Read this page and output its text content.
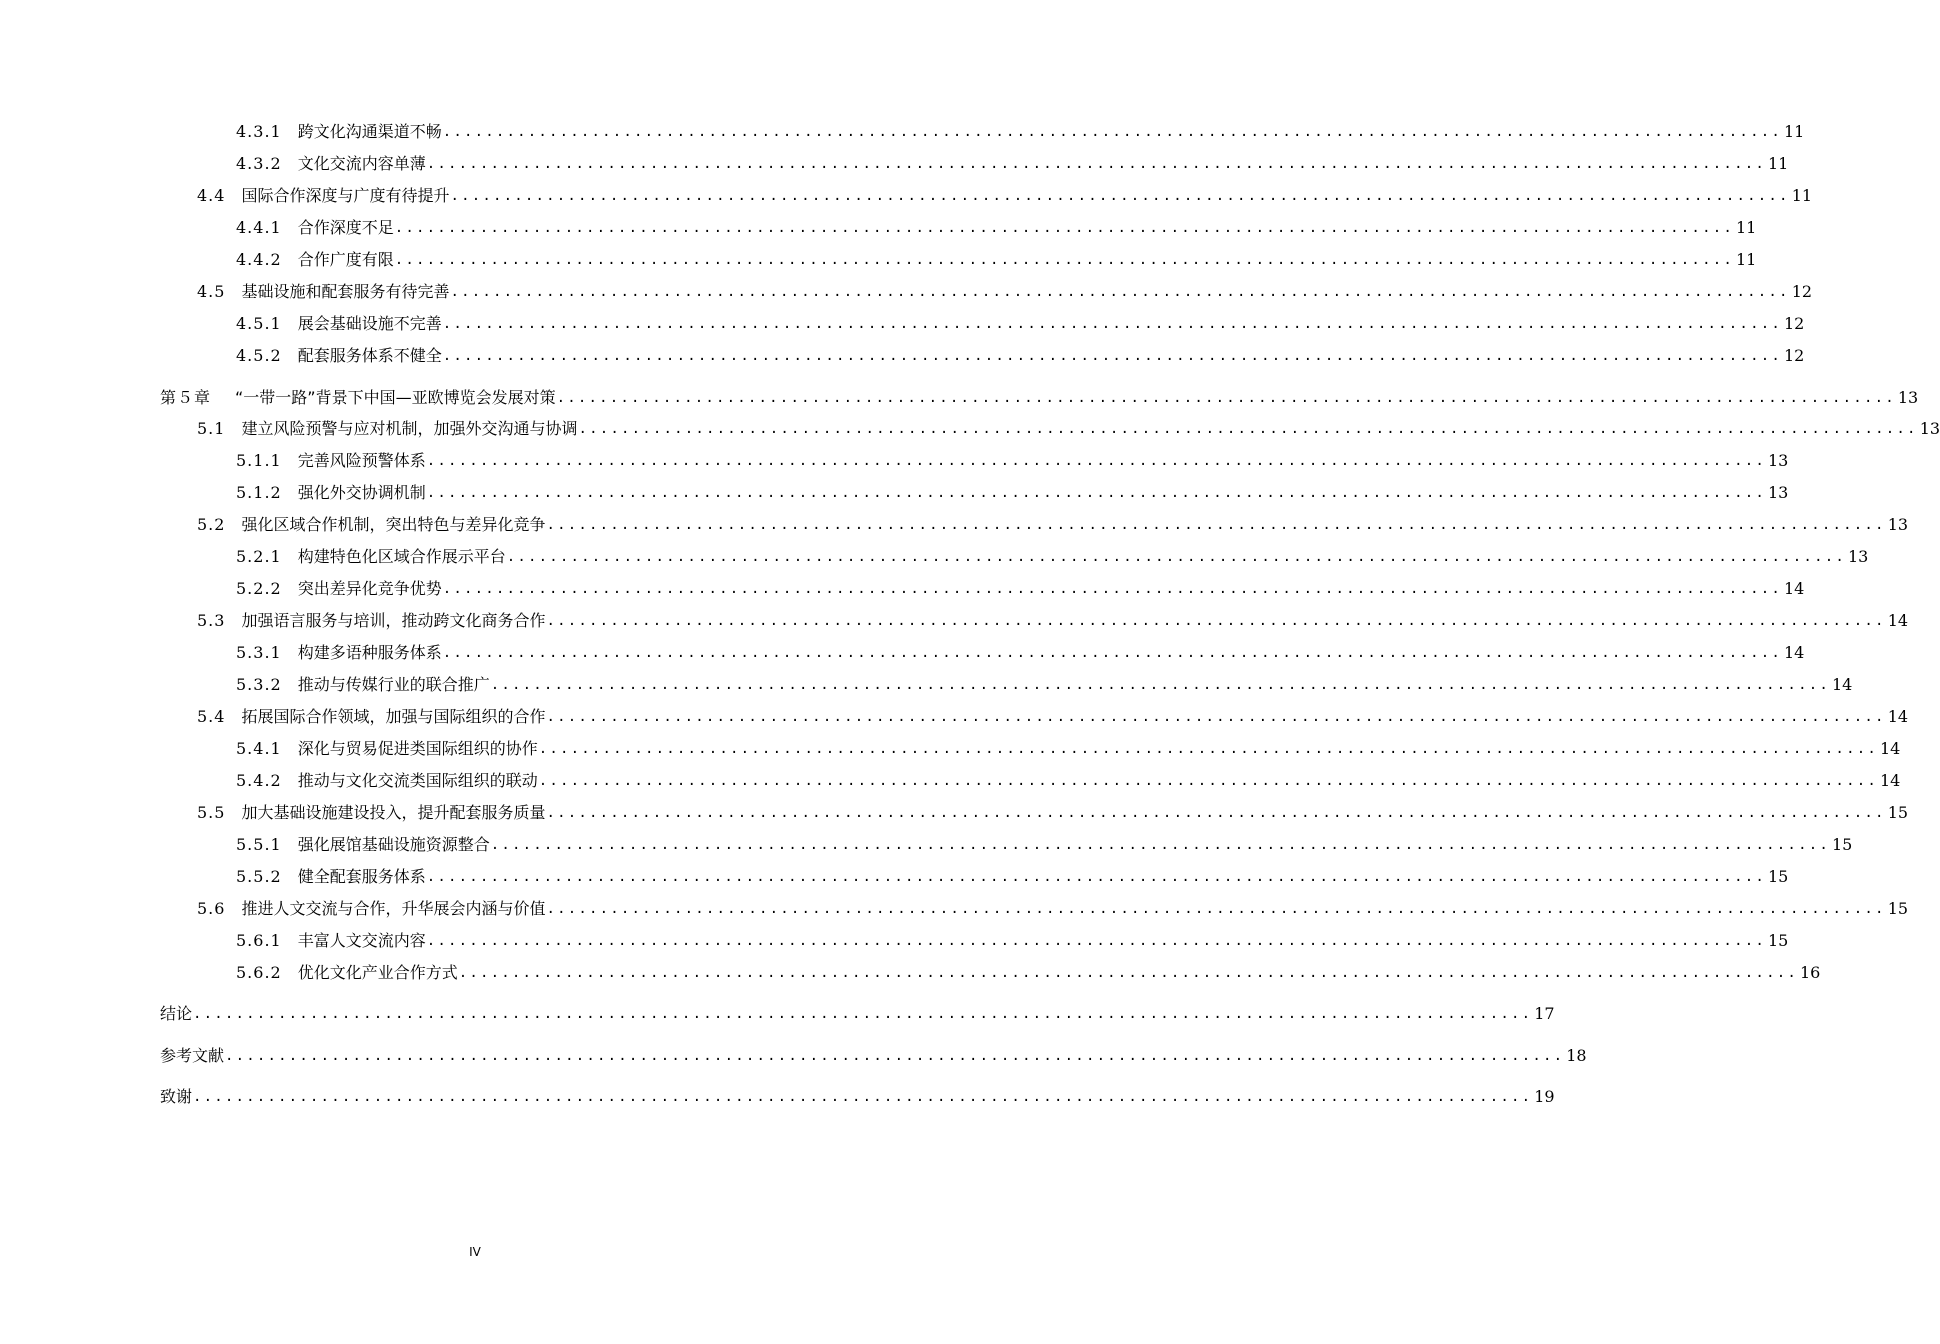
4.3.1 跨文化沟通渠道不畅 .............................................................................................................................. 11
4.3.2 文化交流内容单薄 .............................................................................................................................. 11
4.4 国际合作深度与广度有待提升 .............................................................................................................................. 11
4.4.1 合作深度不足 .............................................................................................................................. 11
4.4.2 合作广度有限 .............................................................................................................................. 11
4.5 基础设施和配套服务有待完善 .............................................................................................................................. 12
4.5.1 展会基础设施不完善 .............................................................................................................................. 12
4.5.2 配套服务体系不健全 .............................................................................................................................. 12
第５章 “一带一路”背景下中国—亚欧博览会发展对策 .............................................................................................................................. 13
5.1 建立风险预警与应对机制，加强外交沟通与协调 .............................................................................................................................. 13
5.1.1 完善风险预警体系 .............................................................................................................................. 13
5.1.2 强化外交协调机制 .............................................................................................................................. 13
5.2 强化区域合作机制，突出特色与差异化竞争 .............................................................................................................................. 13
5.2.1 构建特色化区域合作展示平台 .............................................................................................................................. 13
5.2.2 突出差异化竞争优势 .............................................................................................................................. 14
5.3 加强语言服务与培训，推动跨文化商务合作 .............................................................................................................................. 14
5.3.1 构建多语种服务体系 .............................................................................................................................. 14
5.3.2 推动与传媒行业的联合推广 .............................................................................................................................. 14
5.4 拓展国际合作领域，加强与国际组织的合作 .............................................................................................................................. 14
5.4.1 深化与贸易促进类国际组织的协作 .............................................................................................................................. 14
5.4.2 推动与文化交流类国际组织的联动 .............................................................................................................................. 14
5.5 加大基础设施建设投入，提升配套服务质量 .............................................................................................................................. 15
5.5.1 强化展馆基础设施资源整合 .............................................................................................................................. 15
5.5.2 健全配套服务体系 .............................................................................................................................. 15
5.6 推进人文交流与合作，升华展会内涵与价值 .............................................................................................................................. 15
5.6.1 丰富人文交流内容 .............................................................................................................................. 15
5.6.2 优化文化产业合作方式 .............................................................................................................................. 16
结论 .............................................................................................................................. 17
参考文献 .............................................................................................................................. 18
致谢 .............................................................................................................................. 19
IV
